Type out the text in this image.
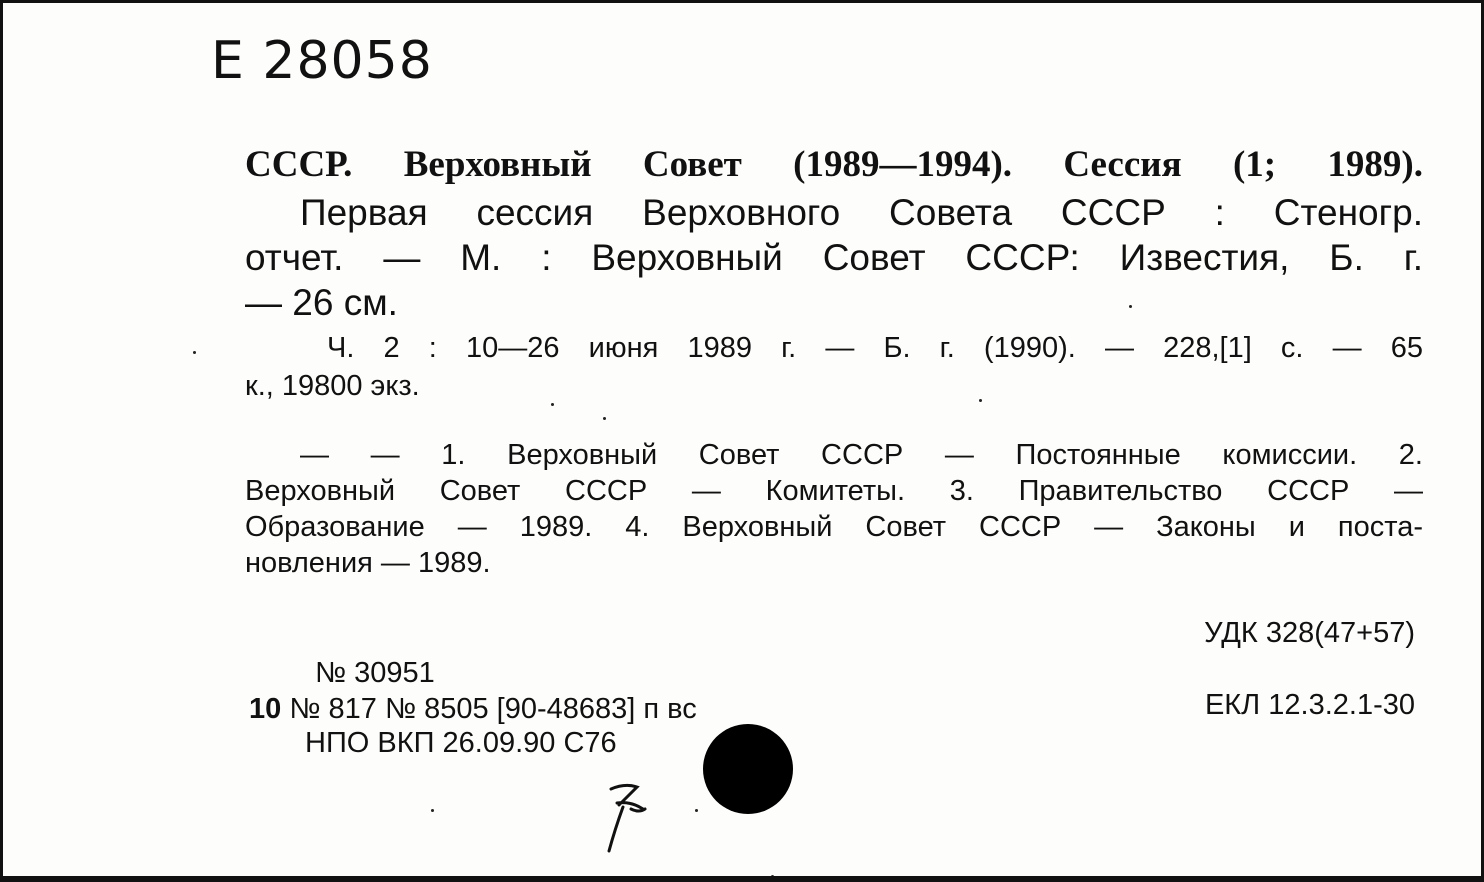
Е 28058
СССР. Верховный Совет (1989—1994). Сессия (1; 1989).
Первая сессия Верховного Совета СССР : Стеногр.
отчет. — М. : Верховный Совет СССР: Известия, Б. г.
— 26 см.
Ч. 2 : 10—26 июня 1989 г. — Б. г. (1990). — 228,[1] с. — 65
к., 19800 экз.
— — 1. Верховный Совет СССР — Постоянные комиссии. 2.
Верховный Совет СССР — Комитеты. 3. Правительство СССР —
Образование — 1989. 4. Верховный Совет СССР — Законы и поста-
новления — 1989.
УДК 328(47+57)
ЕКЛ 12.3.2.1-30
№ 30951
10 № 817 № 8505 [90-48683] п вс
НПО ВКП 26.09.90 С76
